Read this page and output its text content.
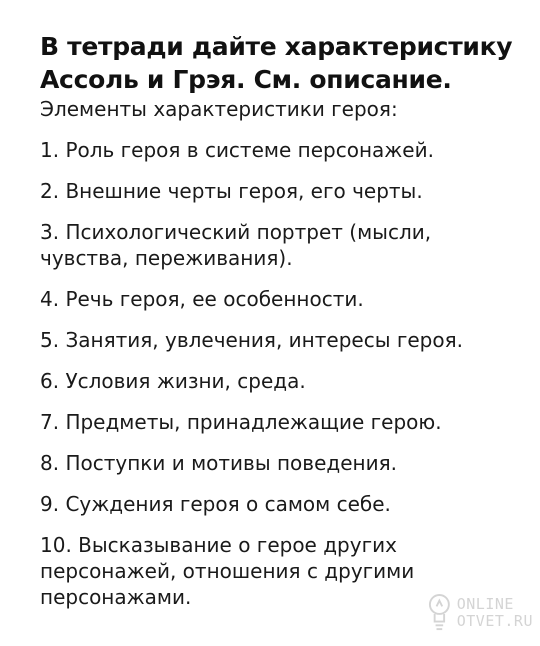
В тетради дайте характеристику
Ассоль и Грэя. См. описание.

Элементы характеристики героя:

1. Роль героя в системе персонажей.
2. Внешние черты героя, его черты.
3. Психологический портрет (мысли,
чувства, переживания).
4. Речь героя, ее особенности.
5. Занятия, увлечения, интересы героя.
6. Условия жизни, среда.
7. Предметы, принадлежащие герою.
8. Поступки и мотивы поведения.
9. Суждения героя о самом себе.
10. Высказывание о герое других
персонажей, отношения с другими
персонажами.	ONLINE
OTVET.RU
